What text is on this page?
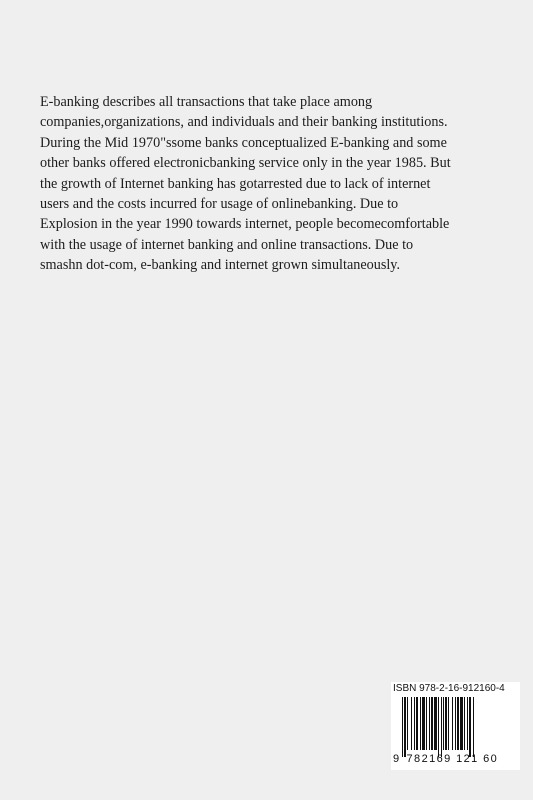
E-banking describes all transactions that take place among
companies,organizations, and individuals and their banking institutions.
During the Mid 1970"ssome banks conceptualized E-banking and some
other banks offered electronicbanking service only in the year 1985. But
the growth of Internet banking has gotarrested due to lack of internet
users and the costs incurred for usage of onlinebanking. Due to
Explosion in the year 1990 towards internet, people becomecomfortable
with the usage of internet banking and online transactions. Due to
smashn dot-com, e-banking and internet grown simultaneously.
ISBN 978-2-16-912160-4
9 782169 121 60
